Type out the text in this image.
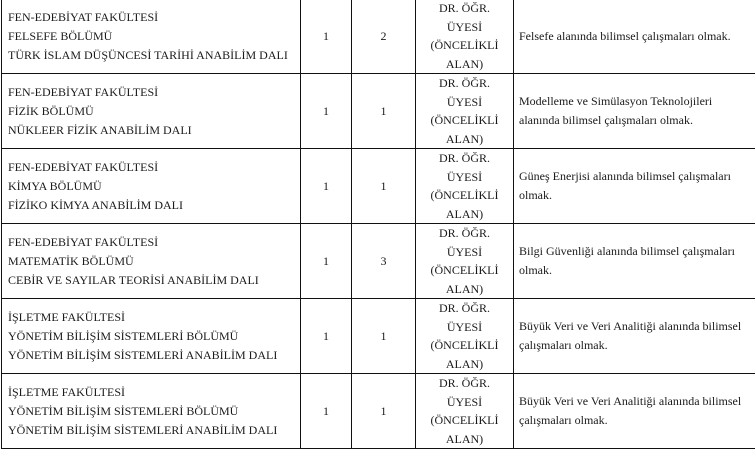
FEN-EDEBİYAT FAKÜLTESİ
FELSEFE BÖLÜMÜ
TÜRK İSLAM DÜŞÜNCESİ TARİHİ ANABİLİM DALI	1	2	DR. ÖĞR.
ÜYESİ
(ÖNCELİKLİ
ALAN)	Felsefe alanında bilimsel çalışmaları olmak.

FEN-EDEBİYAT FAKÜLTESİ
FİZİK BÖLÜMÜ
NÜKLEER FİZİK ANABİLİM DALI	1	1	DR. ÖĞR.
ÜYESİ
(ÖNCELİKLİ
ALAN)	Modelleme ve Simülasyon Teknolojileri alanında bilimsel çalışmaları olmak.

FEN-EDEBİYAT FAKÜLTESİ
KİMYA BÖLÜMÜ
FİZİKO KİMYA ANABİLİM DALI	1	1	DR. ÖĞR.
ÜYESİ
(ÖNCELİKLİ
ALAN)	Güneş Enerjisi alanında bilimsel çalışmaları olmak.

FEN-EDEBİYAT FAKÜLTESİ
MATEMATİK BÖLÜMÜ
CEBİR VE SAYILAR TEORİSİ ANABİLİM DALI	1	3	DR. ÖĞR.
ÜYESİ
(ÖNCELİKLİ
ALAN)	Bilgi Güvenliği alanında bilimsel çalışmaları olmak.

İŞLETME FAKÜLTESİ
YÖNETİM BİLİŞİM SİSTEMLERİ BÖLÜMÜ
YÖNETİM BİLİŞİM SİSTEMLERİ ANABİLİM DALI	1	1	DR. ÖĞR.
ÜYESİ
(ÖNCELİKLİ
ALAN)	Büyük Veri ve Veri Analitiği alanında bilimsel çalışmaları olmak.

İŞLETME FAKÜLTESİ
YÖNETİM BİLİŞİM SİSTEMLERİ BÖLÜMÜ
YÖNETİM BİLİŞİM SİSTEMLERİ ANABİLİM DALI	1	1	DR. ÖĞR.
ÜYESİ
(ÖNCELİKLİ
ALAN)	Büyük Veri ve Veri Analitiği alanında bilimsel çalışmaları olmak.
